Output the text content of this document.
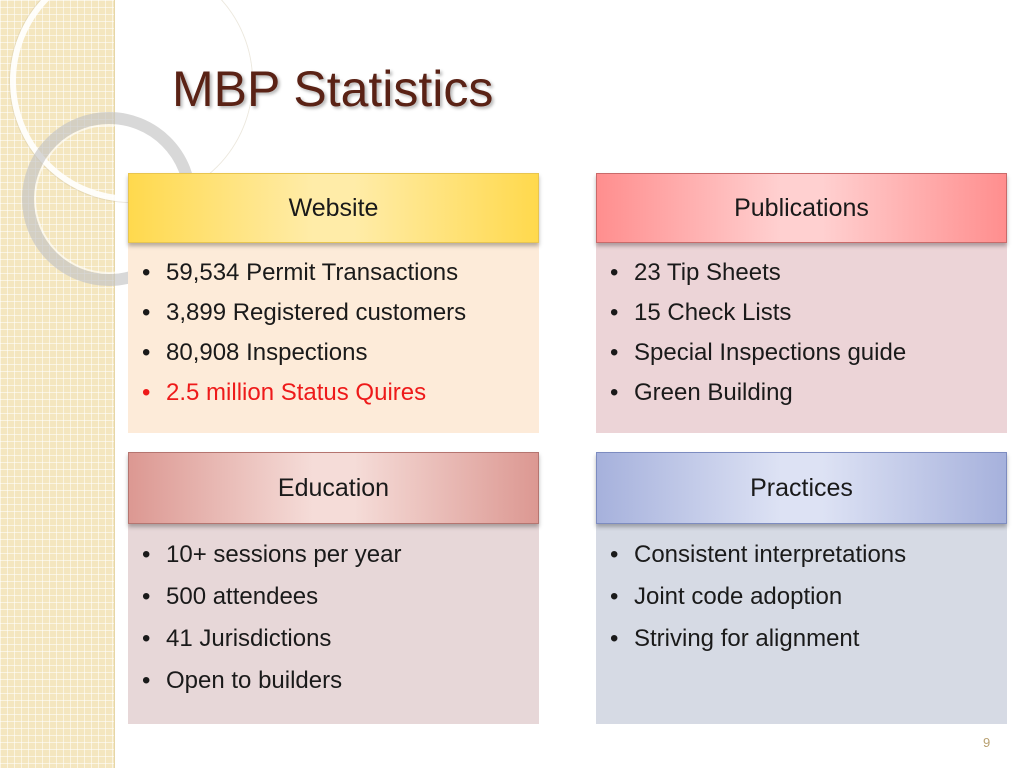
MBP Statistics
Website
• 59,534 Permit Transactions
• 3,899 Registered customers
• 80,908 Inspections
• 2.5 million Status Quires
Publications
• 23 Tip Sheets
• 15 Check Lists
• Special Inspections guide
• Green Building
Education
• 10+ sessions per year
• 500 attendees
• 41 Jurisdictions
• Open to builders
Practices
• Consistent interpretations
• Joint code adoption
• Striving for alignment
9
